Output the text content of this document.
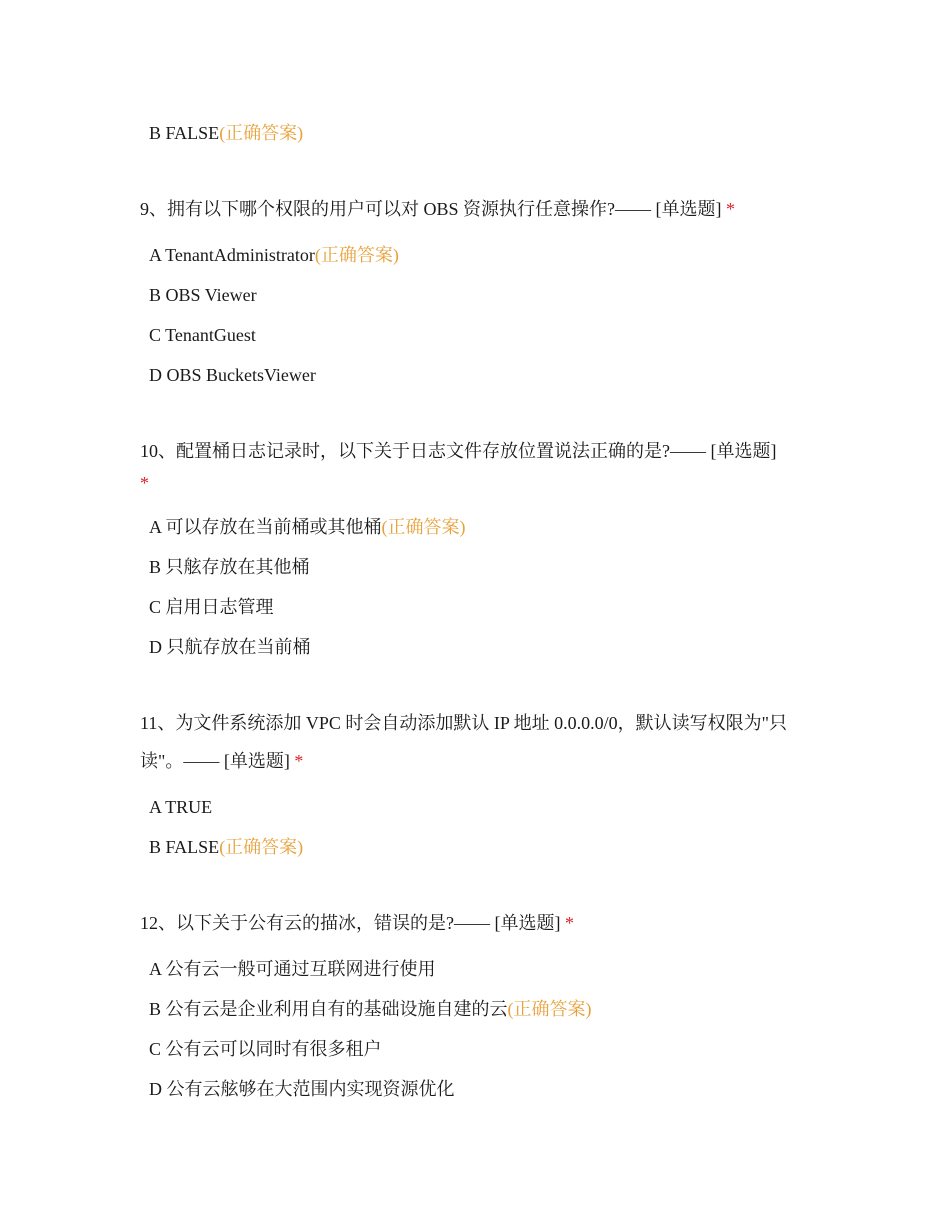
B FALSE(正确答案)
9、拥有以下哪个权限的用户可以对 OBS 资源执行任意操作?—— [单选题] *
A TenantAdministrator(正确答案)
B OBS Viewer
C TenantGuest
D OBS BucketsViewer
10、配置桶日志记录时，以下关于日志文件存放位置说法正确的是?—— [单选题]
*
A 可以存放在当前桶或其他桶(正确答案)
B 只舷存放在其他桶
C 启用日志管理
D 只航存放在当前桶
11、为文件系统添加 VPC 时会自动添加默认 IP 地址 0.0.0.0/0，默认读写权限为"只
读"。—— [单选题] *
A TRUE
B FALSE(正确答案)
12、以下关于公有云的描冰，错误的是?—— [单选题] *
A 公有云一般可通过互联网进行使用
B 公有云是企业利用自有的基础设施自建的云(正确答案)
C 公有云可以同时有很多租户
D 公有云舷够在大范围内实现资源优化
